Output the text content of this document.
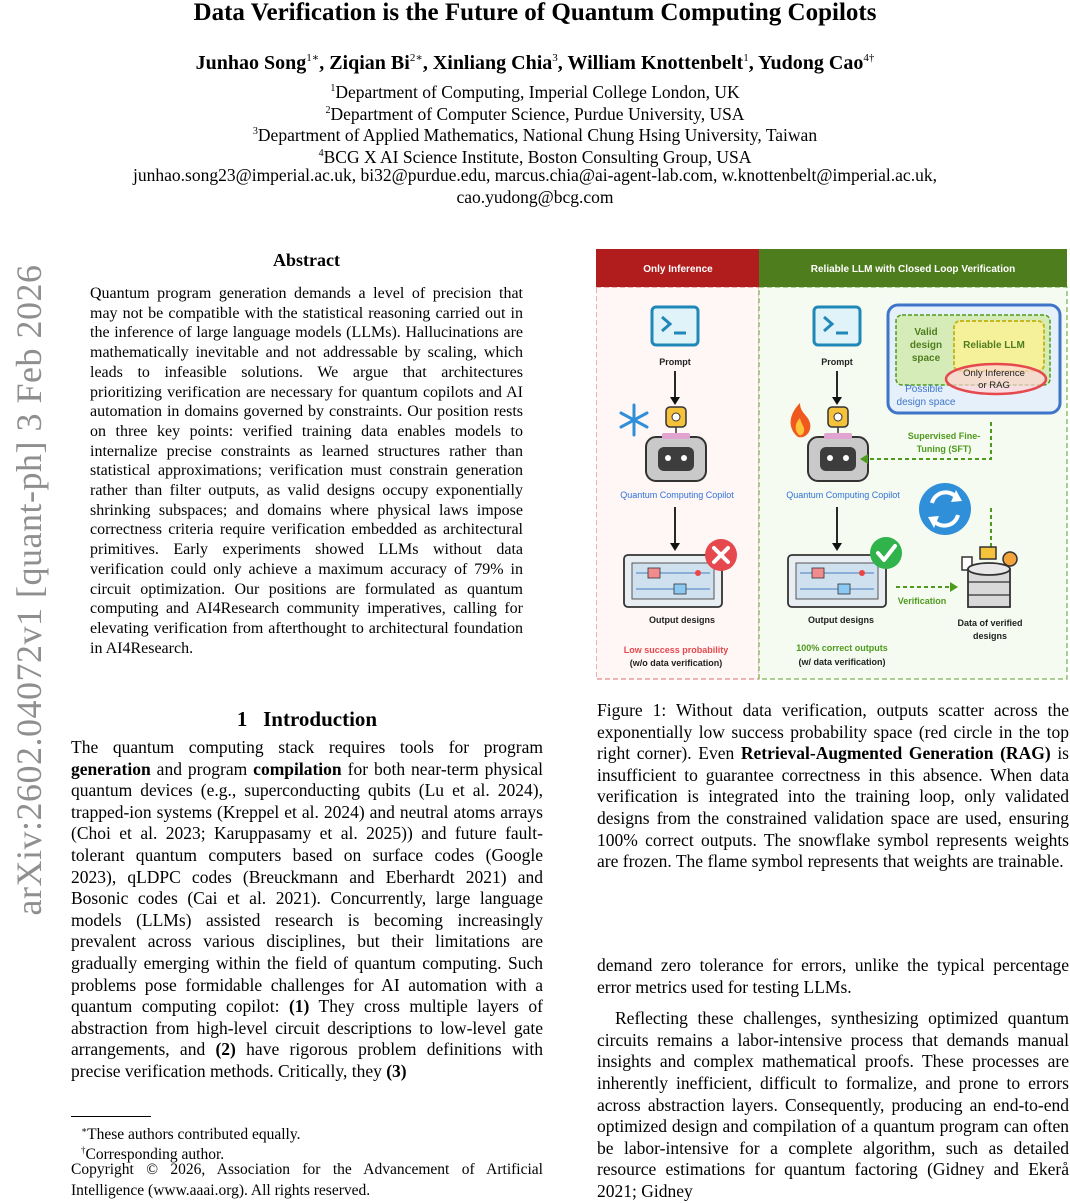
Data Verification is the Future of Quantum Computing Copilots
Junhao Song$^{1∗}$, Ziqian $Bi^{2∗}$, Xinliang Chia$^3$, William Knottenbelt$^1$, Yudong Cao$^{4\dagger}$
$^1$Department of Computing, Imperial College London, UK
$^2$Department of Computer Science, Purdue University, USA
$^3$Department of Applied Mathematics, National Chung Hsing University, Taiwan
$^4$BCG X AI Science Institute, Boston Consulting Group, USA
junhao.song23@imperial.ac.uk, bi32@purdue.edu, marcus.chia@ai-agent-lab.com, w.knottenbelt@imperial.ac.uk,
cao.yudong@bcg.com
arXiv:2602.04072v1 [quant-ph] 3 Feb 2026
Abstract
Quantum program generation demands a level of precision that may not be compatible with the statistical reasoning carried out in the inference of large language models (LLMs). Hallucinations are mathematically inevitable and not addressable by scaling, which leads to infeasible solutions. We argue that architectures prioritizing verification are necessary for quantum copilots and AI automation in domains governed by constraints. Our position rests on three key points: verified training data enables models to internalize precise constraints as learned structures rather than statistical approximations; verification must constrain generation rather than filter outputs, as valid designs occupy exponentially shrinking subspaces; and domains where physical laws impose correctness criteria require verification embedded as architectural primitives. Early experiments showed LLMs without data verification could only achieve a maximum accuracy of 79% in circuit optimization. Our positions are formulated as quantum computing and AI4Research community imperatives, calling for elevating verification from afterthought to architectural foundation in AI4Research.
1 Introduction
The quantum computing stack requires tools for program generation and program compilation for both near-term physical quantum devices (e.g., superconducting qubits (Lu et al. 2024), trapped-ion systems (Kreppel et al. 2024) and neutral atoms arrays (Choi et al. 2023; Karuppasamy et al. 2025)) and future fault-tolerant quantum computers based on surface codes (Google 2023), qLDPC codes (Breuckmann and Eberhardt 2021) and Bosonic codes (Cai et al. 2021). Concurrently, large language models (LLMs) assisted research is becoming increasingly prevalent across various disciplines, but their limitations are gradually emerging within the field of quantum computing. Such problems pose formidable challenges for AI automation with a quantum computing copilot: (1) They cross multiple layers of abstraction from high-level circuit descriptions to low-level gate arrangements, and (2) have rigorous problem definitions with precise verification methods. Critically, they (3)
∗These authors contributed equally.
†Corresponding author.
Copyright © 2026, Association for the Advancement of Artificial Intelligence (www.aaai.org). All rights reserved.
Only Inference	Reliable LLM with Closed Loop Verification
Prompt
Quantum Computing Copilot
Output designs
Low success probability
(w/o data verification)
Prompt
Quantum Computing Copilot
Output designs
100% correct outputs
(w/ data verification)
Valid
design
space
Reliable LLM
Only Inference
or RAG
Possible
design space
Supervised Fine-
Tuning (SFT)
Verification
Data of verified
designs
Figure 1: Without data verification, outputs scatter across the exponentially low success probability space (red circle in the top right corner). Even Retrieval-Augmented Generation (RAG) is insufficient to guarantee correctness in this absence. When data verification is integrated into the training loop, only validated designs from the constrained validation space are used, ensuring 100% correct outputs. The snowflake symbol represents weights are frozen. The flame symbol represents that weights are trainable.

demand zero tolerance for errors, unlike the typical percentage error metrics used for testing LLMs.

Reflecting these challenges, synthesizing optimized quantum circuits remains a labor-intensive process that demands manual insights and complex mathematical proofs. These processes are inherently inefficient, difficult to formalize, and prone to errors across abstraction layers. Consequently, producing an end-to-end optimized design and compilation of a quantum program can often be labor-intensive for a complete algorithm, such as detailed resource estimations for quantum factoring (Gidney and Ekerå 2021; Gidney
